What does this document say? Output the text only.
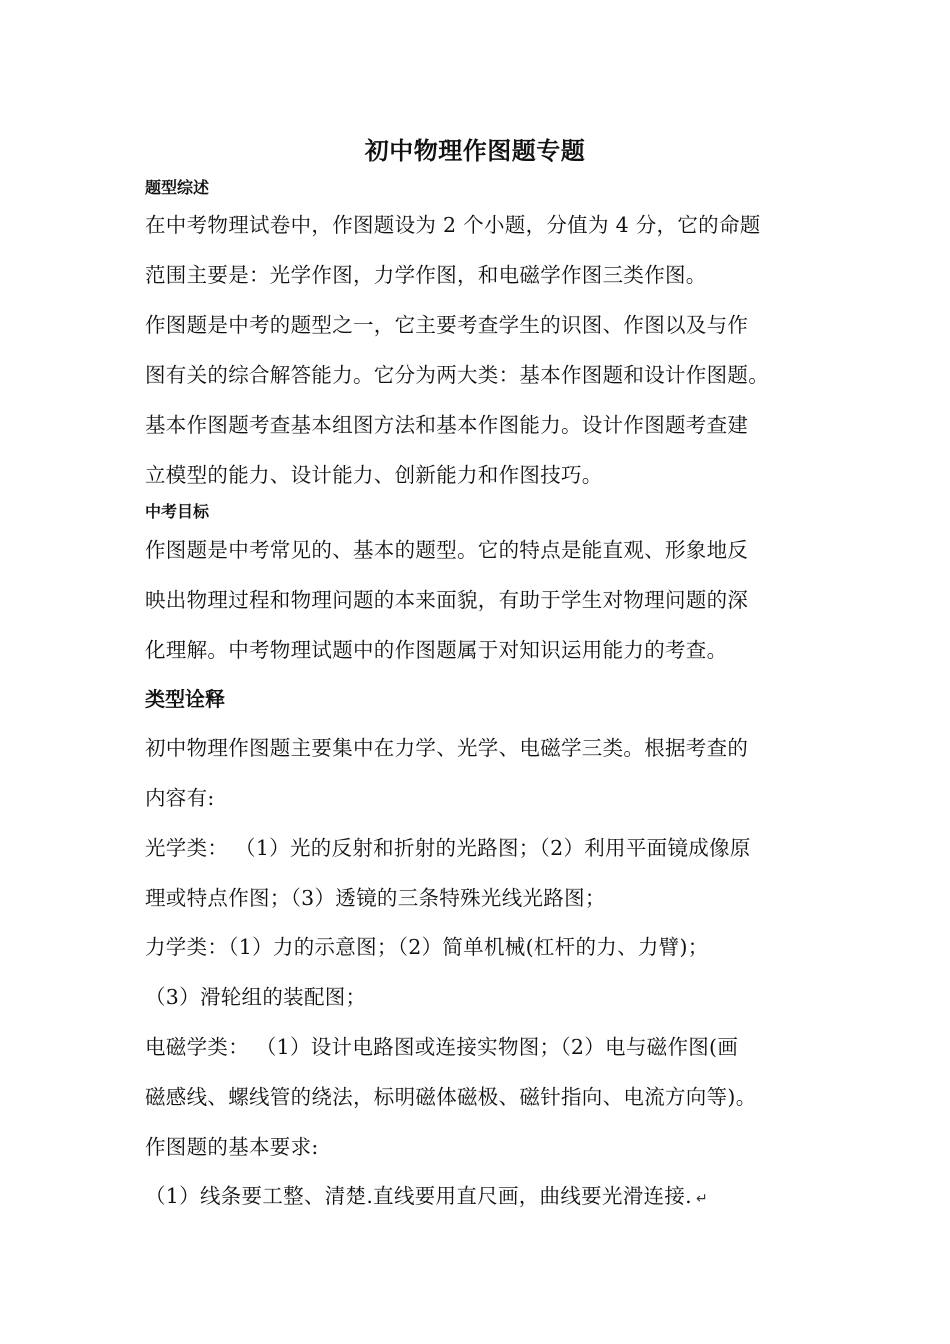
初中物理作图题专题
题型综述
在中考物理试卷中，作图题设为 2 个小题，分值为 4 分，它的命题
范围主要是：光学作图，力学作图，和电磁学作图三类作图。
作图题是中考的题型之一，它主要考查学生的识图、作图以及与作
图有关的综合解答能力。它分为两大类：基本作图题和设计作图题。
基本作图题考查基本组图方法和基本作图能力。设计作图题考查建
立模型的能力、设计能力、创新能力和作图技巧。
中考目标
作图题是中考常见的、基本的题型。它的特点是能直观、形象地反
映出物理过程和物理问题的本来面貌，有助于学生对物理问题的深
化理解。中考物理试题中的作图题属于对知识运用能力的考查。
类型诠释
初中物理作图题主要集中在力学、光学、电磁学三类。根据考查的
内容有:
光学类： （1）光的反射和折射的光路图；（2）利用平面镜成像原
理或特点作图；（3）透镜的三条特殊光线光路图；
力学类：（1）力的示意图；（2）简单机械(杠杆的力、力臂)；
（3）滑轮组的装配图；
电磁学类： （1）设计电路图或连接实物图；（2）电与磁作图(画
磁感线、螺线管的绕法，标明磁体磁极、磁针指向、电流方向等)。
作图题的基本要求:
（1）线条要工整、清楚.直线要用直尺画，曲线要光滑连接. ↵
